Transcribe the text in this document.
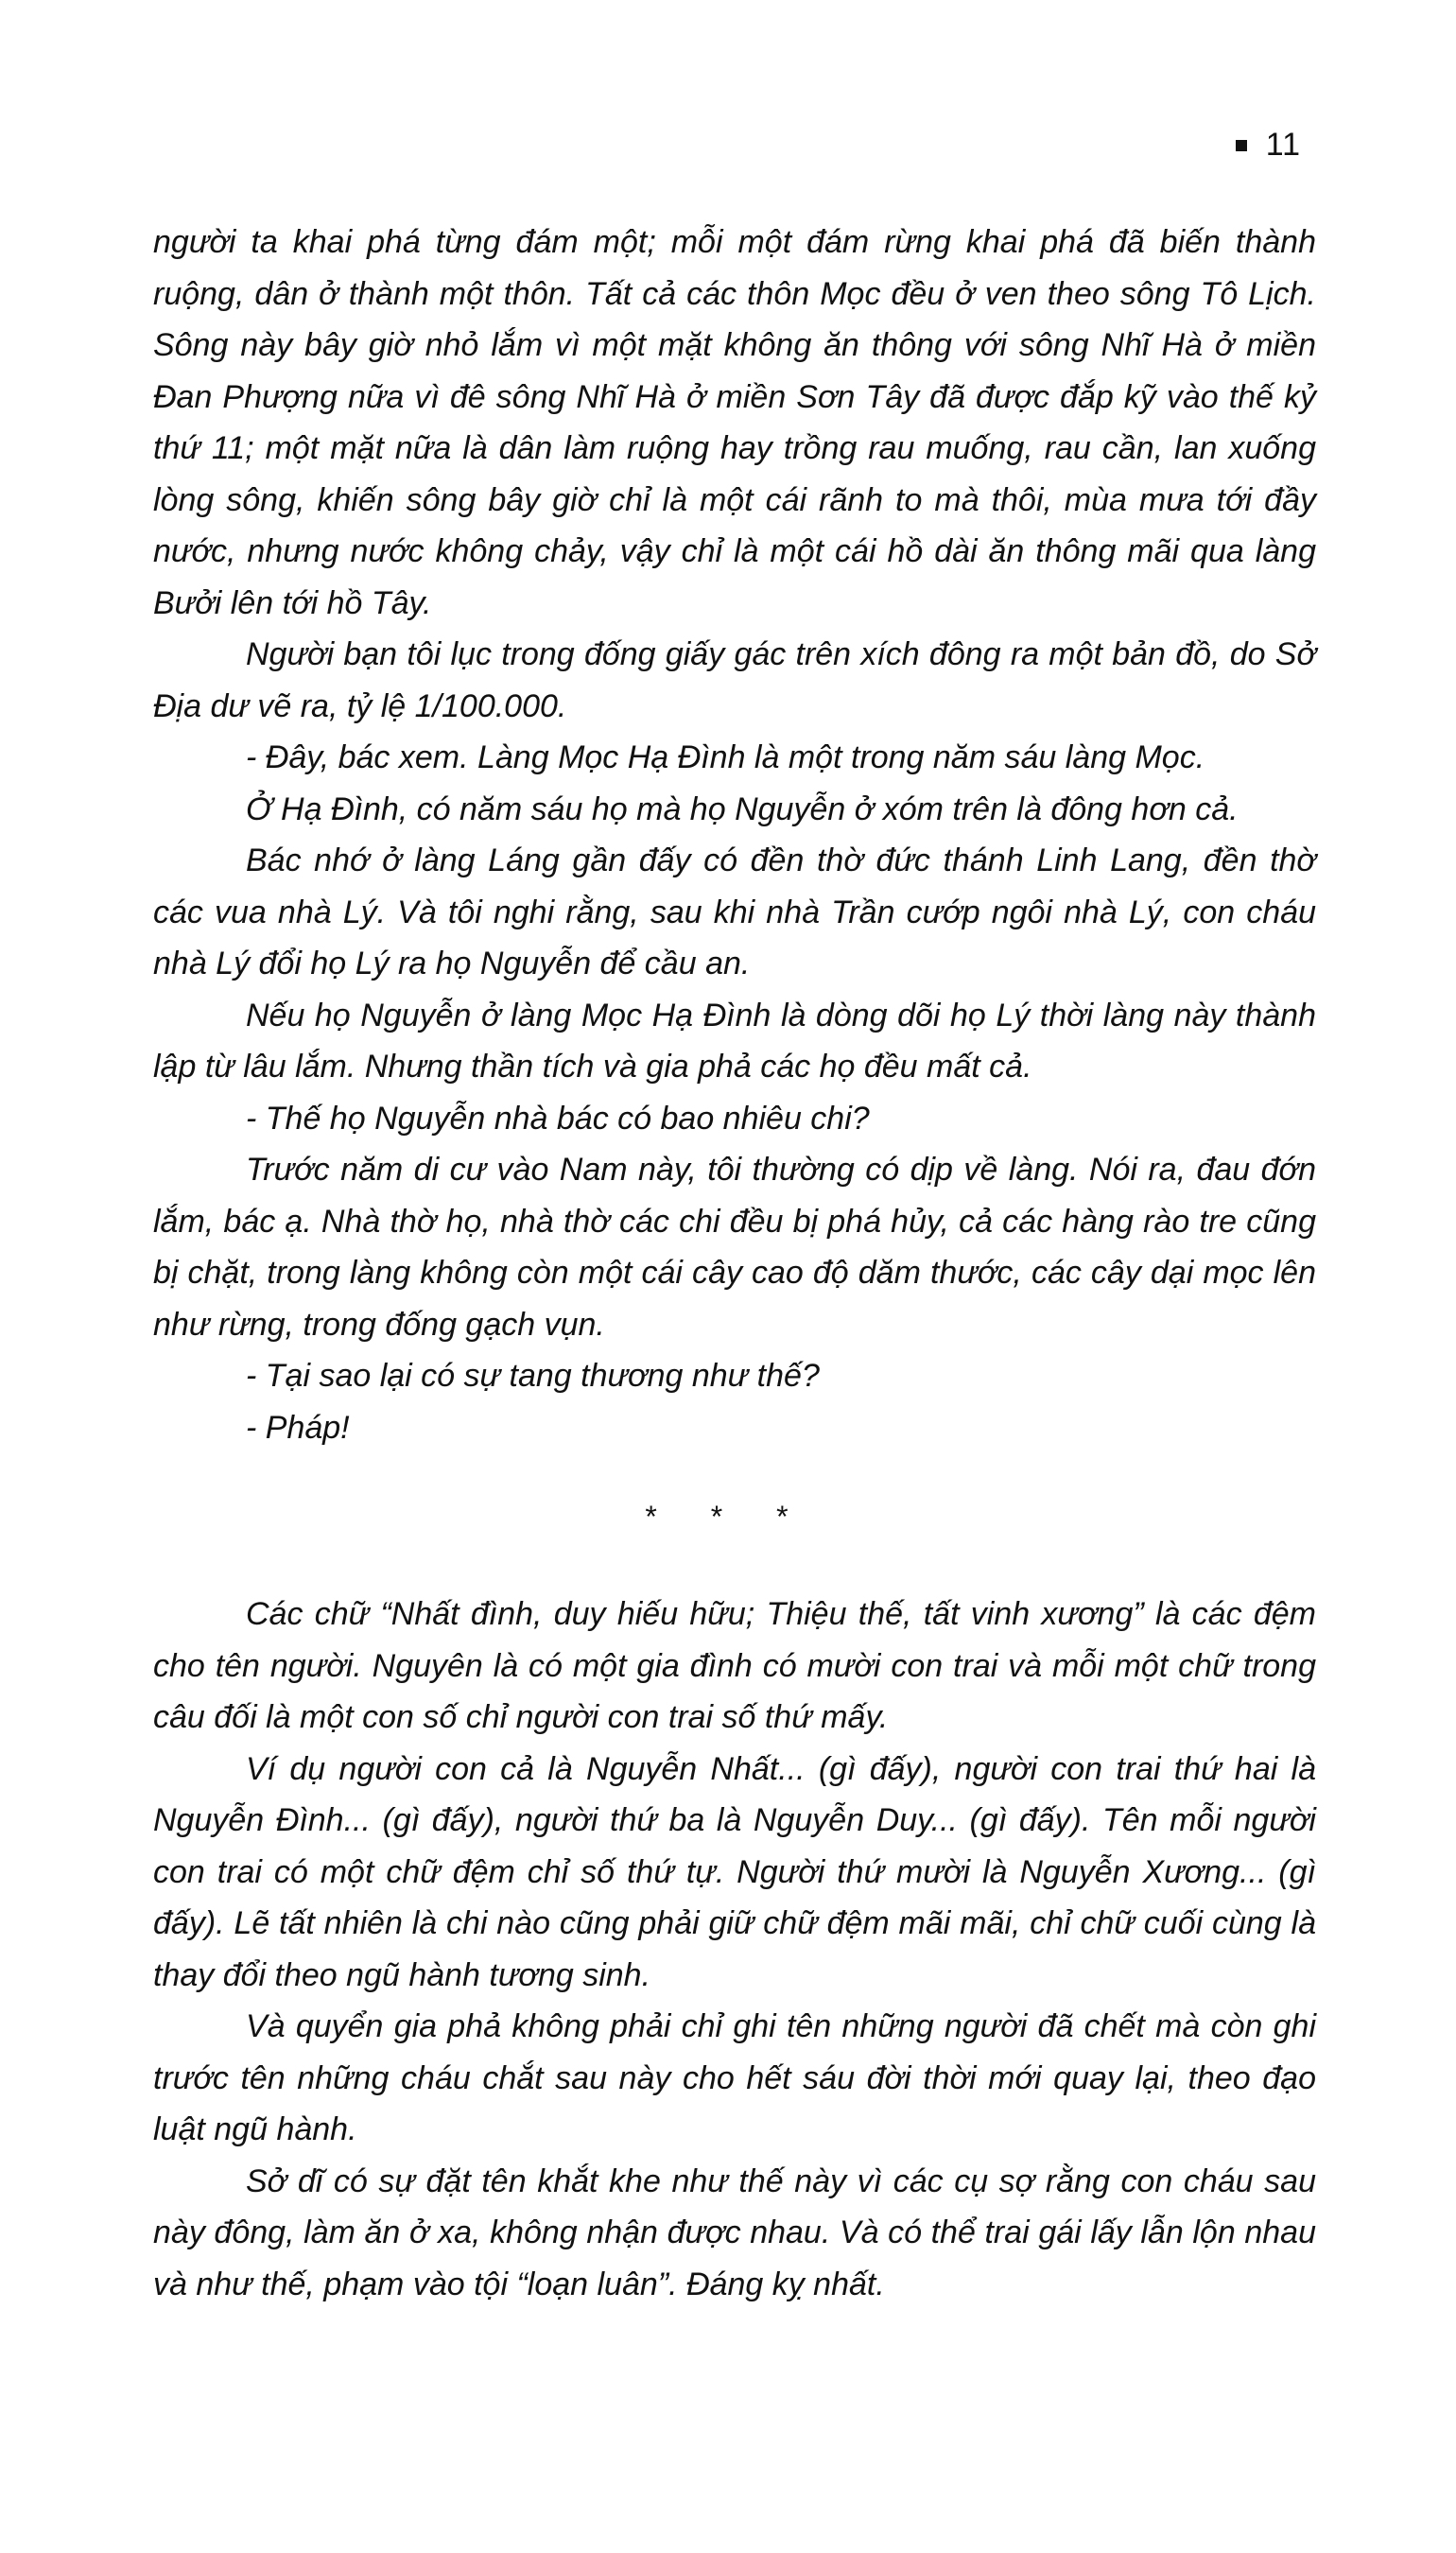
11

người ta khai phá từng đám một; mỗi một đám rừng khai phá đã biến thành ruộng, dân ở thành một thôn. Tất cả các thôn Mọc đều ở ven theo sông Tô Lịch. Sông này bây giờ nhỏ lắm vì một mặt không ăn thông với sông Nhĩ Hà ở miền Đan Phượng nữa vì đê sông Nhĩ Hà ở miền Sơn Tây đã được đắp kỹ vào thế kỷ thứ 11; một mặt nữa là dân làm ruộng hay trồng rau muống, rau cần, lan xuống lòng sông, khiến sông bây giờ chỉ là một cái rãnh to mà thôi, mùa mưa tới đầy nước, nhưng nước không chảy, vậy chỉ là một cái hồ dài ăn thông mãi qua làng Bưởi lên tới hồ Tây.

Người bạn tôi lục trong đống giấy gác trên xích đông ra một bản đồ, do Sở Địa dư vẽ ra, tỷ lệ 1/100.000.

- Đây, bác xem. Làng Mọc Hạ Đình là một trong năm sáu làng Mọc.

Ở Hạ Đình, có năm sáu họ mà họ Nguyễn ở xóm trên là đông hơn cả.

Bác nhớ ở làng Láng gần đấy có đền thờ đức thánh Linh Lang, đền thờ các vua nhà Lý. Và tôi nghi rằng, sau khi nhà Trần cướp ngôi nhà Lý, con cháu nhà Lý đổi họ Lý ra họ Nguyễn để cầu an.

Nếu họ Nguyễn ở làng Mọc Hạ Đình là dòng dõi họ Lý thời làng này thành lập từ lâu lắm. Nhưng thần tích và gia phả các họ đều mất cả.

- Thế họ Nguyễn nhà bác có bao nhiêu chi?

Trước năm di cư vào Nam này, tôi thường có dịp về làng. Nói ra, đau đớn lắm, bác ạ. Nhà thờ họ, nhà thờ các chi đều bị phá hủy, cả các hàng rào tre cũng bị chặt, trong làng không còn một cái cây cao độ dăm thước, các cây dại mọc lên như rừng, trong đống gạch vụn.

- Tại sao lại có sự tang thương như thế?

- Pháp!

* * *

Các chữ “Nhất đình, duy hiếu hữu; Thiệu thế, tất vinh xương” là các đệm cho tên người. Nguyên là có một gia đình có mười con trai và mỗi một chữ trong câu đối là một con số chỉ người con trai số thứ mấy.

Ví dụ người con cả là Nguyễn Nhất... (gì đấy), người con trai thứ hai là Nguyễn Đình... (gì đấy), người thứ ba là Nguyễn Duy... (gì đấy). Tên mỗi người con trai có một chữ đệm chỉ số thứ tự. Người thứ mười là Nguyễn Xương... (gì đấy). Lẽ tất nhiên là chi nào cũng phải giữ chữ đệm mãi mãi, chỉ chữ cuối cùng là thay đổi theo ngũ hành tương sinh.

Và quyển gia phả không phải chỉ ghi tên những người đã chết mà còn ghi trước tên những cháu chắt sau này cho hết sáu đời thời mới quay lại, theo đạo luật ngũ hành.

Sở dĩ có sự đặt tên khắt khe như thế này vì các cụ sợ rằng con cháu sau này đông, làm ăn ở xa, không nhận được nhau. Và có thể trai gái lấy lẫn lộn nhau và như thế, phạm vào tội “loạn luân”. Đáng kỵ nhất.
